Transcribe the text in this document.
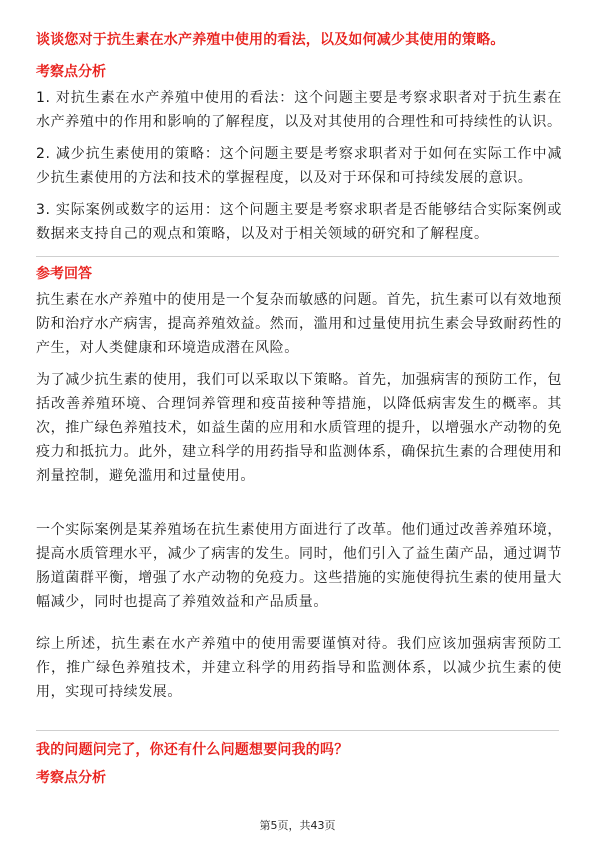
谈谈您对于抗生素在水产养殖中使用的看法，以及如何减少其使用的策略。
考察点分析
1. 对抗生素在水产养殖中使用的看法：这个问题主要是考察求职者对于抗生素在水产养殖中的作用和影响的了解程度，以及对其使用的合理性和可持续性的认识。
2. 减少抗生素使用的策略：这个问题主要是考察求职者对于如何在实际工作中减少抗生素使用的方法和技术的掌握程度，以及对于环保和可持续发展的意识。
3. 实际案例或数字的运用：这个问题主要是考察求职者是否能够结合实际案例或数据来支持自己的观点和策略，以及对于相关领域的研究和了解程度。
参考回答
抗生素在水产养殖中的使用是一个复杂而敏感的问题。首先，抗生素可以有效地预防和治疗水产病害，提高养殖效益。然而，滥用和过量使用抗生素会导致耐药性的产生，对人类健康和环境造成潜在风险。
为了减少抗生素的使用，我们可以采取以下策略。首先，加强病害的预防工作，包括改善养殖环境、合理饲养管理和疫苗接种等措施，以降低病害发生的概率。其次，推广绿色养殖技术，如益生菌的应用和水质管理的提升，以增强水产动物的免疫力和抵抗力。此外，建立科学的用药指导和监测体系，确保抗生素的合理使用和剂量控制，避免滥用和过量使用。
一个实际案例是某养殖场在抗生素使用方面进行了改革。他们通过改善养殖环境，提高水质管理水平，减少了病害的发生。同时，他们引入了益生菌产品，通过调节肠道菌群平衡，增强了水产动物的免疫力。这些措施的实施使得抗生素的使用量大幅减少，同时也提高了养殖效益和产品质量。
综上所述，抗生素在水产养殖中的使用需要谨慎对待。我们应该加强病害预防工作，推广绿色养殖技术，并建立科学的用药指导和监测体系，以减少抗生素的使用，实现可持续发展。
我的问题问完了，你还有什么问题想要问我的吗？
考察点分析
第5页，共43页
